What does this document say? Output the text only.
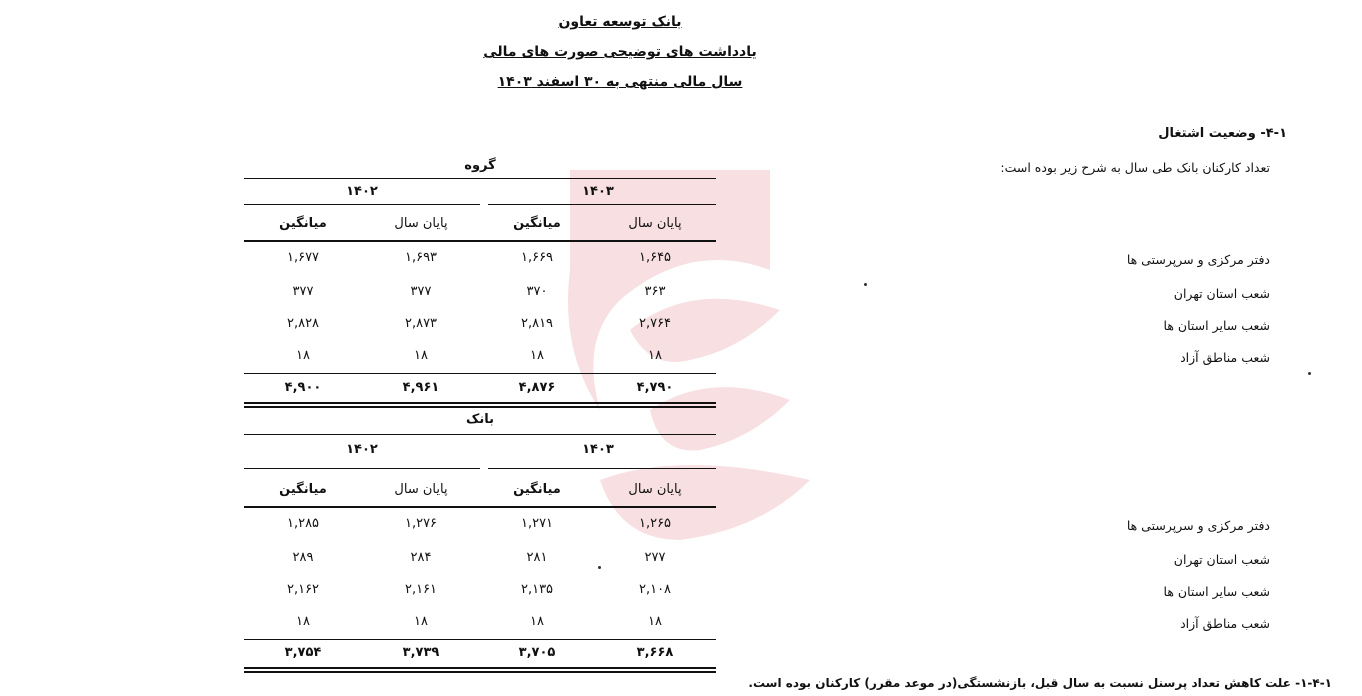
بانک توسعه تعاون
یادداشت های توضیحی صورت های مالی
سال مالی منتهی به ۳۰ اسفند ۱۴۰۳
۴-۱- وضعیت اشتغال
تعداد کارکنان بانک طی سال به شرح زیر بوده است:
دفتر مرکزی و سرپرستی ها
شعب استان تهران
شعب سایر استان ها
شعب مناطق آزاد
دفتر مرکزی و سرپرستی ها
شعب استان تهران
شعب سایر استان ها
شعب مناطق آزاد
گروه
۱۴۰۳
۱۴۰۲
پایان سال
میانگین
پایان سال
میانگین
۱,۶۴۵
۱,۶۶۹
۱,۶۹۳
۱,۶۷۷
۳۶۳
۳۷۰
۳۷۷
۳۷۷
۲,۷۶۴
۲,۸۱۹
۲,۸۷۳
۲,۸۲۸
۱۸
۱۸
۱۸
۱۸
۴,۷۹۰
۴,۸۷۶
۴,۹۶۱
۴,۹۰۰
بانک
۱۴۰۳
۱۴۰۲
پایان سال
میانگین
پایان سال
میانگین
۱,۲۶۵
۱,۲۷۱
۱,۲۷۶
۱,۲۸۵
۲۷۷
۲۸۱
۲۸۴
۲۸۹
۲,۱۰۸
۲,۱۳۵
۲,۱۶۱
۲,۱۶۲
۱۸
۱۸
۱۸
۱۸
۳,۶۶۸
۳,۷۰۵
۳,۷۳۹
۳,۷۵۴
۱-۴-۱- علت کاهش تعداد پرسنل نسبت به سال قبل، بازنشستگی(در موعد مقرر) کارکنان بوده است.
